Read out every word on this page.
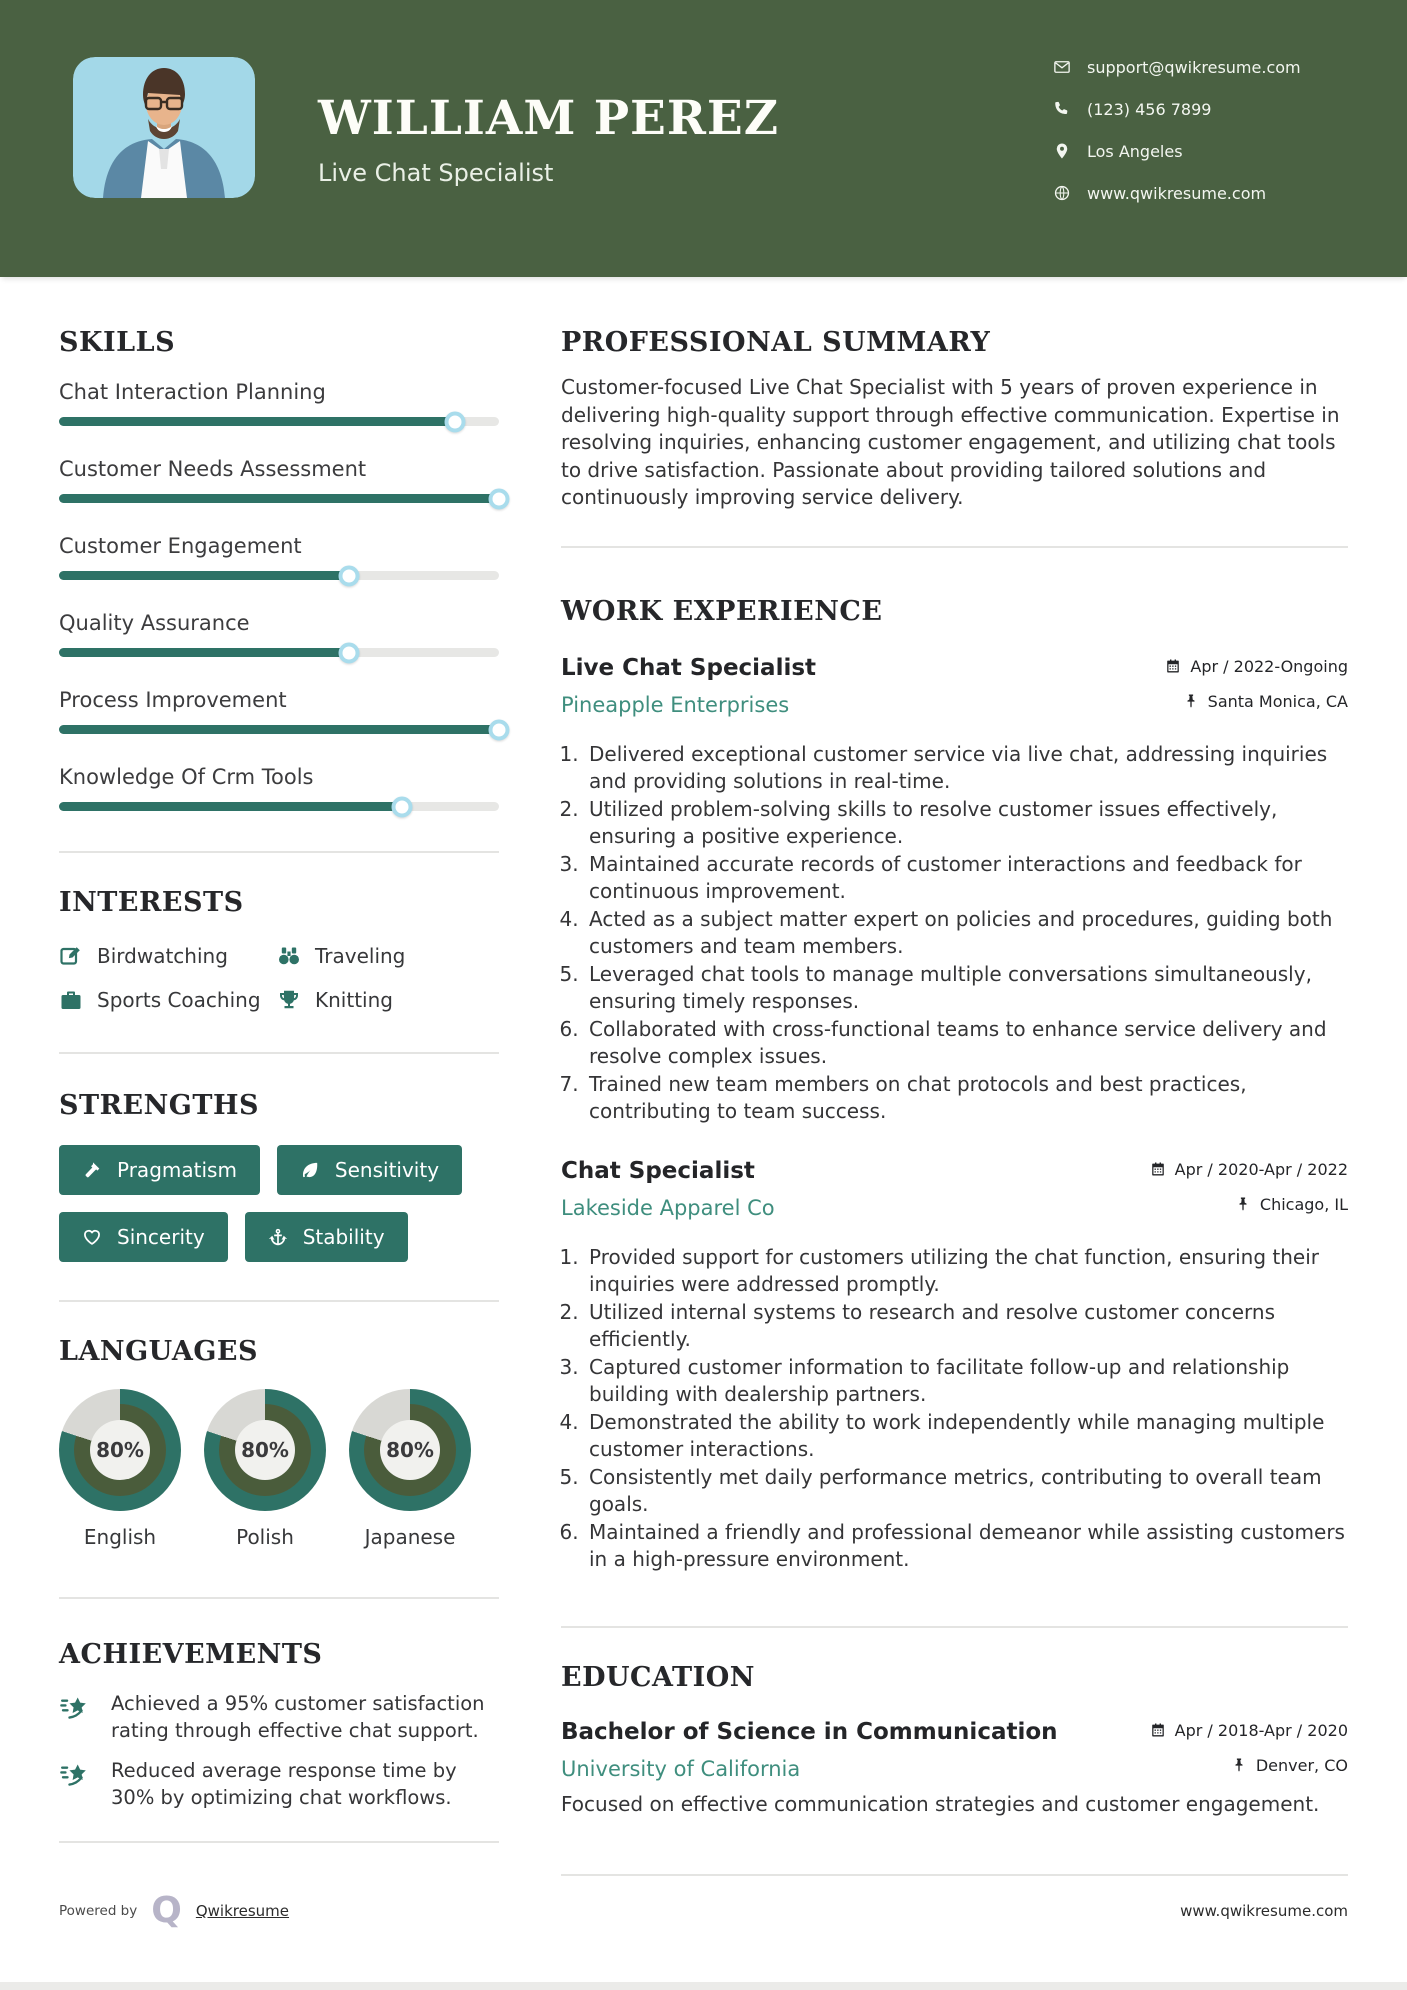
WILLIAM PEREZ
Live Chat Specialist
support@qwikresume.com
(123) 456 7899
Los Angeles
www.qwikresume.com
SKILLS
Chat Interaction Planning
Customer Needs Assessment
Customer Engagement
Quality Assurance
Process Improvement
Knowledge Of Crm Tools
INTERESTS
Birdwatching	Traveling
Sports Coaching	Knitting
STRENGTHS
Pragmatism	Sensitivity
Sincerity	Stability
LANGUAGES
80%
English
80%
Polish
80%
Japanese
ACHIEVEMENTS
Achieved a 95% customer satisfaction rating through effective chat support.
Reduced average response time by 30% by optimizing chat workflows.
PROFESSIONAL SUMMARY

Customer-focused Live Chat Specialist with 5 years of proven experience in delivering high-quality support through effective communication. Expertise in resolving inquiries, enhancing customer engagement, and utilizing chat tools to drive satisfaction. Passionate about providing tailored solutions and continuously improving service delivery.

WORK EXPERIENCE
Live Chat Specialist
Pineapple Enterprises
Apr / 2022-Ongoing
Santa Monica, CA
1. Delivered exceptional customer service via live chat, addressing inquiries and providing solutions in real-time.
2. Utilized problem-solving skills to resolve customer issues effectively, ensuring a positive experience.
3. Maintained accurate records of customer interactions and feedback for continuous improvement.
4. Acted as a subject matter expert on policies and procedures, guiding both customers and team members.
5. Leveraged chat tools to manage multiple conversations simultaneously, ensuring timely responses.
6. Collaborated with cross-functional teams to enhance service delivery and resolve complex issues.
7. Trained new team members on chat protocols and best practices, contributing to team success.
Chat Specialist
Lakeside Apparel Co
Apr / 2020-Apr / 2022
Chicago, IL
1. Provided support for customers utilizing the chat function, ensuring their inquiries were addressed promptly.
2. Utilized internal systems to research and resolve customer concerns efficiently.
3. Captured customer information to facilitate follow-up and relationship building with dealership partners.
4. Demonstrated the ability to work independently while managing multiple customer interactions.
5. Consistently met daily performance metrics, contributing to overall team goals.
6. Maintained a friendly and professional demeanor while assisting customers in a high-pressure environment.
EDUCATION
Bachelor of Science in Communication
University of California
Apr / 2018-Apr / 2020
Denver, CO

Focused on effective communication strategies and customer engagement.

Powered by Q Qwikresume	www.qwikresume.com
